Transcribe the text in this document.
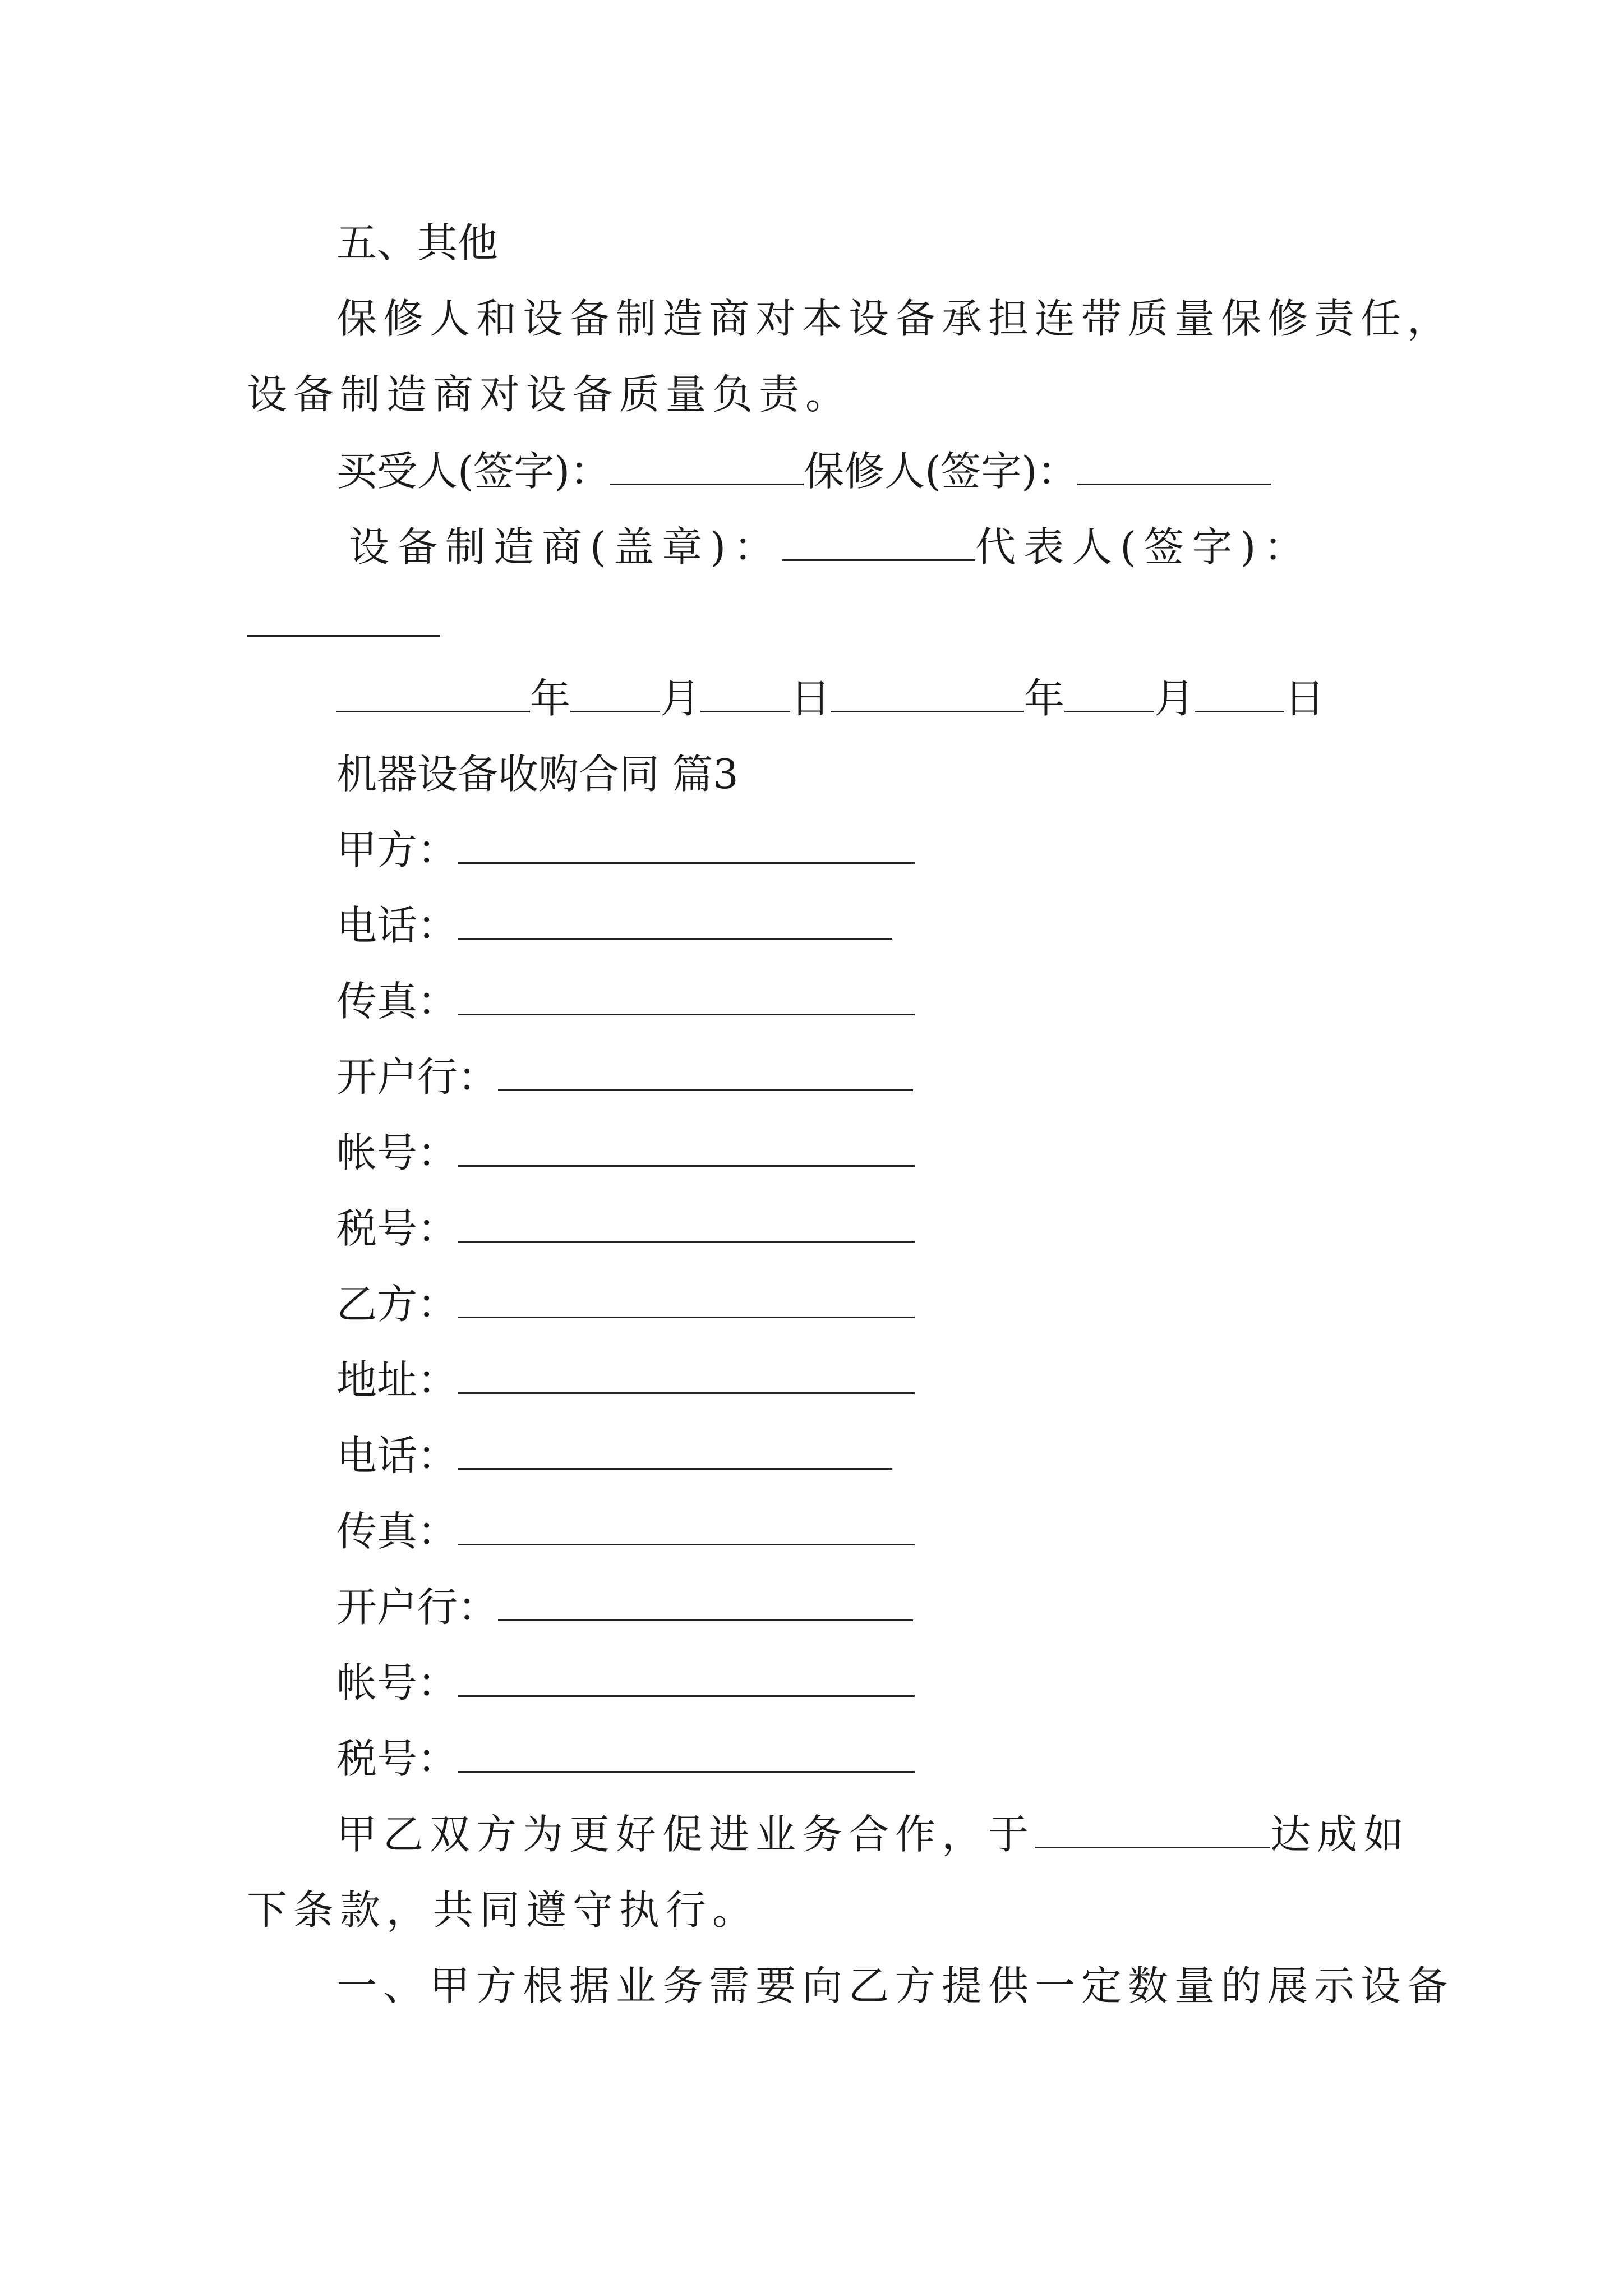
五、其他
保修人和设备制造商对本设备承担连带质量保修责任，
设备制造商对设备质量负责。
买受人(签字)：	保修人(签字)：
设备制造商(盖章)：	代表人(签字)：
年 月 日	年 月 日
机器设备收购合同 篇3
甲方：
电话：
传真：
开户行：
帐号：
税号：
乙方：
地址：
电话：
传真：
开户行：
帐号：
税号：
甲乙双方为更好促进业务合作，于	达成如
下条款，共同遵守执行。
一、甲方根据业务需要向乙方提供一定数量的展示设备
